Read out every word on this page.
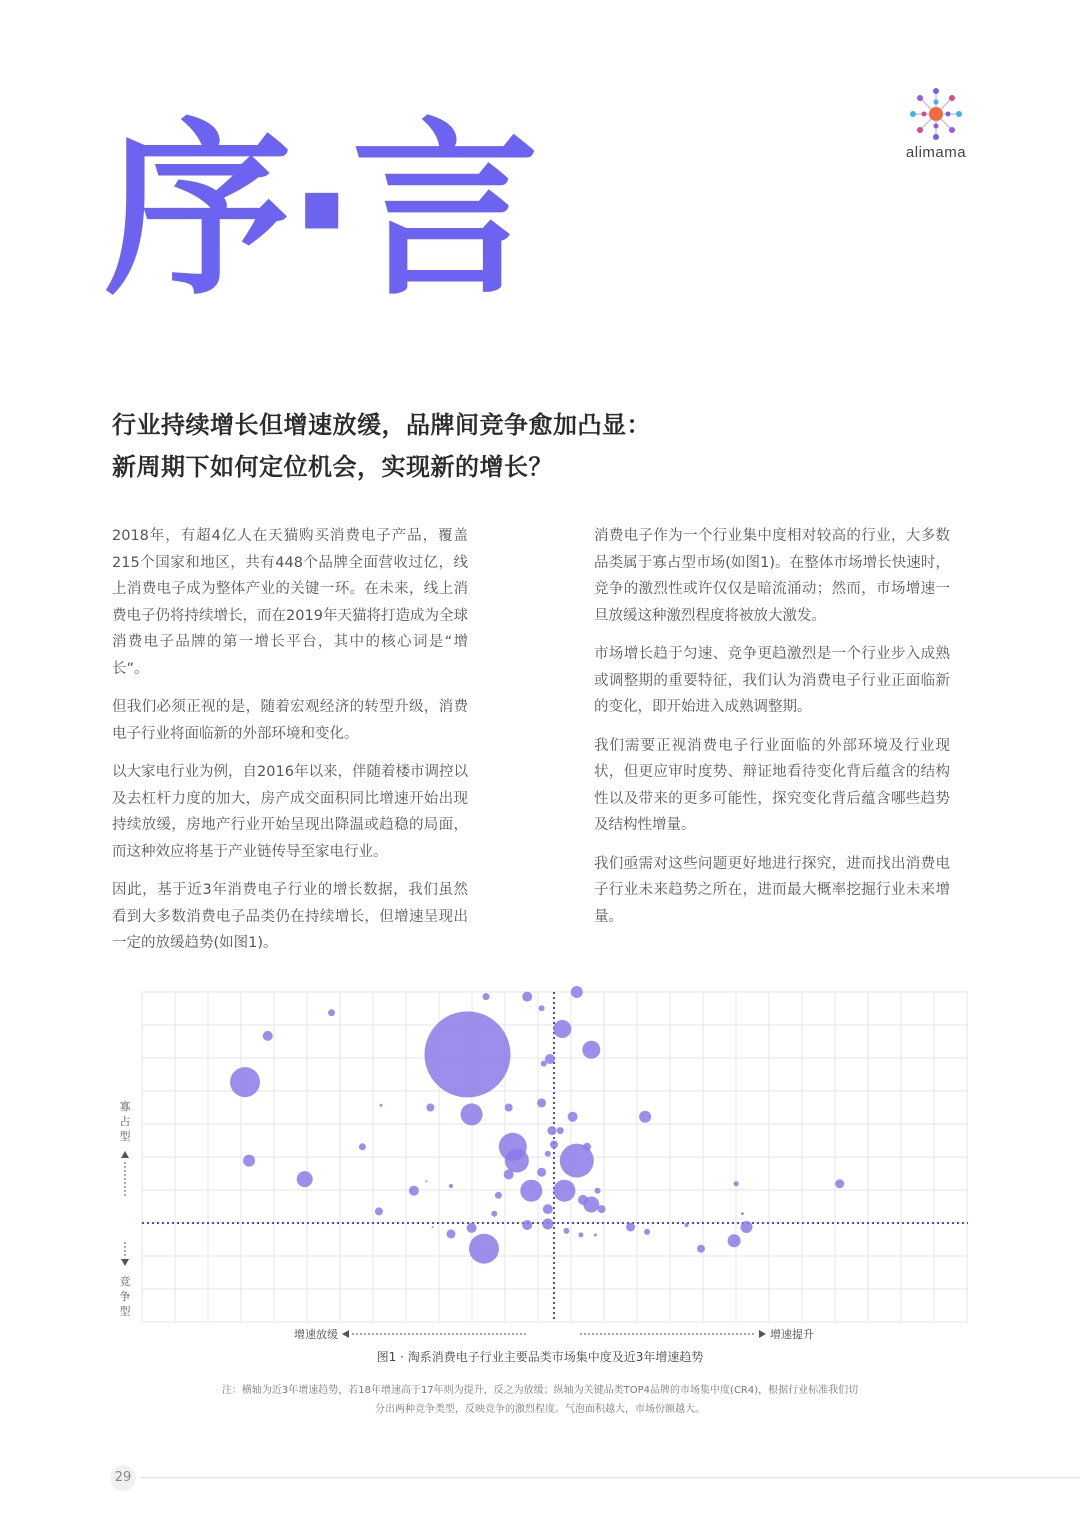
alimama
序·言
行业持续增长但增速放缓，品牌间竞争愈加凸显：
新周期下如何定位机会，实现新的增长？

2018年，有超4亿人在天猫购买消费电子产品，覆盖215个国家和地区，共有448个品牌全面营收过亿，线上消费电子成为整体产业的关键一环。在未来，线上消费电子仍将持续增长，而在2019年天猫将打造成为全球消费电子品牌的第一增长平台，其中的核心词是“增长”。

但我们必须正视的是，随着宏观经济的转型升级，消费电子行业将面临新的外部环境和变化。

以大家电行业为例，自2016年以来，伴随着楼市调控以及去杠杆力度的加大，房产成交面积同比增速开始出现持续放缓，房地产行业开始呈现出降温或趋稳的局面，而这种效应将基于产业链传导至家电行业。

因此，基于近3年消费电子行业的增长数据，我们虽然看到大多数消费电子品类仍在持续增长，但增速呈现出一定的放缓趋势(如图1)。

消费电子作为一个行业集中度相对较高的行业，大多数品类属于寡占型市场(如图1)。在整体市场增长快速时，竞争的激烈性或许仅仅是暗流涌动；然而，市场增速一旦放缓这种激烈程度将被放大激发。

市场增长趋于匀速、竞争更趋激烈是一个行业步入成熟或调整期的重要特征，我们认为消费电子行业正面临新的变化，即开始进入成熟调整期。

我们需要正视消费电子行业面临的外部环境及行业现状，但更应审时度势、辩证地看待变化背后蕴含的结构性以及带来的更多可能性，探究变化背后蕴含哪些趋势及结构性增量。

我们亟需对这些问题更好地进行探究，进而找出消费电子行业未来趋势之所在，进而最大概率挖掘行业未来增量。

寡占型
竞争型
增速放缓	增速提升
图1 · 淘系消费电子行业主要品类市场集中度及近3年增速趋势
注：横轴为近3年增速趋势，若18年增速高于17年则为提升，反之为放缓；纵轴为关键品类TOP4品牌的市场集中度(CR4)，根据行业标准我们切
分出两种竞争类型，反映竞争的激烈程度。气泡面积越大，市场份额越大。
29
